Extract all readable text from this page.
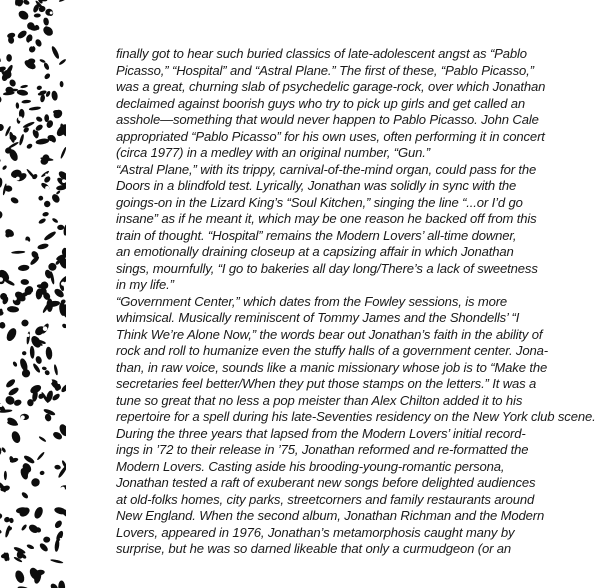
finally got to hear such buried classics of late-adolescent angst as “Pablo
Picasso,” “Hospital” and “Astral Plane.” The first of these, “Pablo Picasso,”
was a great, churning slab of psychedelic garage-rock, over which Jonathan
declaimed against boorish guys who try to pick up girls and get called an
asshole—something that would never happen to Pablo Picasso. John Cale
appropriated “Pablo Picasso” for his own uses, often performing it in concert
(circa 1977) in a medley with an original number, “Gun.”
“Astral Plane,” with its trippy, carnival-of-the-mind organ, could pass for the
Doors in a blindfold test. Lyrically, Jonathan was solidly in sync with the
goings-on in the Lizard King’s “Soul Kitchen,” singing the line “...or I’d go
insane” as if he meant it, which may be one reason he backed off from this
train of thought. “Hospital” remains the Modern Lovers’ all-time downer,
an emotionally draining closeup at a capsizing affair in which Jonathan
sings, mournfully, “I go to bakeries all day long/There’s a lack of sweetness
in my life.”
“Government Center,” which dates from the Fowley sessions, is more
whimsical. Musically reminiscent of Tommy James and the Shondells’ “I
Think We’re Alone Now,” the words bear out Jonathan’s faith in the ability of
rock and roll to humanize even the stuffy halls of a government center. Jona-
than, in raw voice, sounds like a manic missionary whose job is to “Make the
secretaries feel better/When they put those stamps on the letters.” It was a
tune so great that no less a pop meister than Alex Chilton added it to his
repertoire for a spell during his late-Seventies residency on the New York club scene.
During the three years that lapsed from the Modern Lovers’ initial record-
ings in ’72 to their release in ’75, Jonathan reformed and re-formatted the
Modern Lovers. Casting aside his brooding-young-romantic persona,
Jonathan tested a raft of exuberant new songs before delighted audiences
at old-folks homes, city parks, streetcorners and family restaurants around
New England. When the second album, Jonathan Richman and the Modern
Lovers, appeared in 1976, Jonathan’s metamorphosis caught many by
surprise, but he was so darned likeable that only a curmudgeon (or an
